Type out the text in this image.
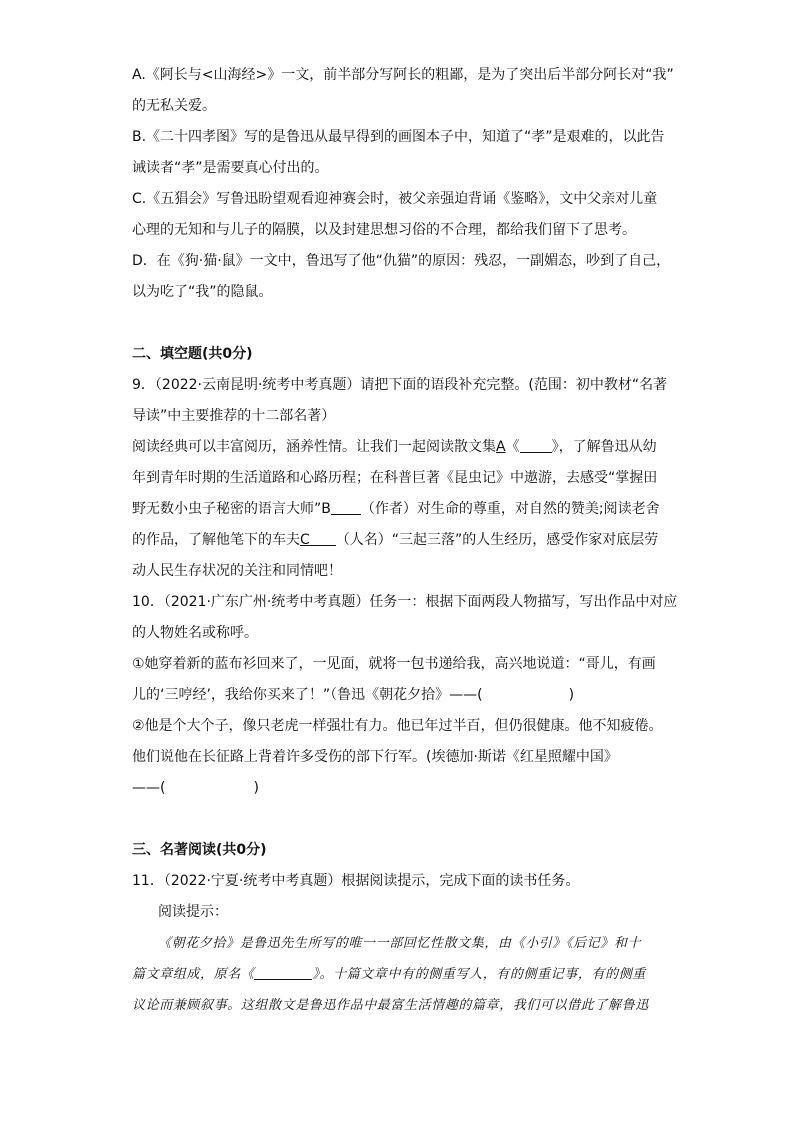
A.《阿长与<山海经>》一文，前半部分写阿长的粗鄙，是为了突出后半部分阿长对“我”

的无私关爱。

B.《二十四孝图》写的是鲁迅从最早得到的画图本子中，知道了“孝”是艰难的，以此告

诫读者“孝”是需要真心付出的。

C.《五猖会》写鲁迅盼望观看迎神赛会时，被父亲强迫背诵《鉴略》，文中父亲对儿童

心理的无知和与儿子的隔膜，以及封建思想习俗的不合理，都给我们留下了思考。

D．在《狗·猫·鼠》一文中，鲁迅写了他“仇猫”的原因：残忍，一副媚态，吵到了自己，

以为吃了“我”的隐鼠。

二、填空题(共0分)

9．（2022·云南昆明·统考中考真题）请把下面的语段补充完整。(范围：初中教材“名著

导读”中主要推荐的十二部名著）

阅读经典可以丰富阅历，涵养性情。让我们一起阅读散文集A《 》，了解鲁迅从幼

年到青年时期的生活道路和心路历程；在科普巨著《昆虫记》中遨游，去感受“掌握田

野无数小虫子秘密的语言大师”B （作者）对生命的尊重，对自然的赞美;阅读老舍

的作品，了解他笔下的车夫C （人名）“三起三落”的人生经历，感受作家对底层劳

动人民生存状况的关注和同情吧！

10．（2021·广东广州·统考中考真题）任务一：根据下面两段人物描写，写出作品中对应

的人物姓名或称呼。

①她穿着新的蓝布衫回来了，一见面，就将一包书递给我，高兴地说道：“哥儿，有画

儿的‘三哼经’，我给你买来了！”（鲁迅《朝花夕拾》——(	)

②他是个大个子，像只老虎一样强壮有力。他已年过半百，但仍很健康。他不知疲倦。

他们说他在长征路上背着许多受伤的部下行军。(埃德加·斯诺《红星照耀中国》

——(	)

三、名著阅读(共0分)

11．（2022·宁夏·统考中考真题）根据阅读提示，完成下面的读书任务。

阅读提示：

《朝花夕拾》是鲁迅先生所写的唯一一部回忆性散文集，由《小引》《后记》和十

篇文章组成，原名《	》。十篇文章中有的侧重写人，有的侧重记事，有的侧重

议论而兼顾叙事。这组散文是鲁迅作品中最富生活情趣的篇章，我们可以借此了解鲁迅
